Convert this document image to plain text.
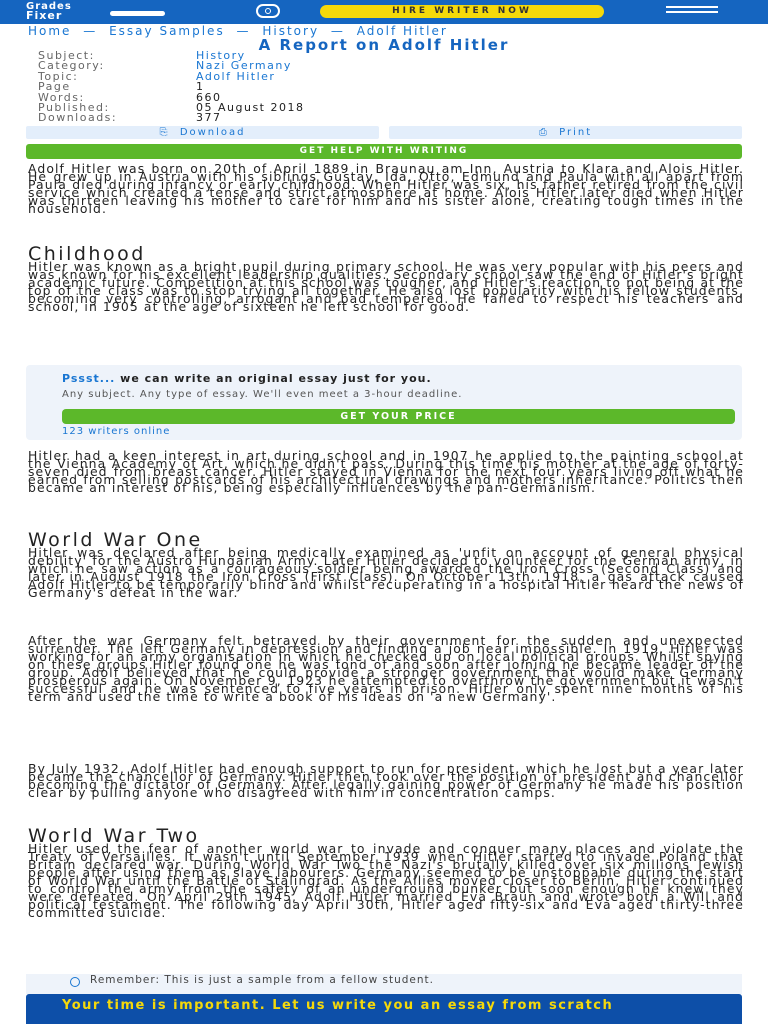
Grades
Fixer	HIRE WRITER NOW
Home — Essay Samples — History — Adolf Hitler
A Report on Adolf Hitler
Subject:	History
Category:	Nazi Germany
Topic:	Adolf Hitler
Page	1
Words:	660
Published:	05 August 2018
Downloads:	377
⎘  Download	⎙  Print
GET HELP WITH WRITING

Adolf Hitler was born on 20th of April 1889 in Braunau am Inn, Austria to Klara and Alois Hitler. He grew up in Austria with his siblings Gustav, Ida, Otto, Edmund and Paula with all apart from Paula died during infancy or early childhood. When Hitler was six, his father retired from the civil service which created a tense and strict atmosphere at home. Alois Hitler later died when Hitler was thirteen leaving his mother to care for him and his sister alone, creating tough times in the household.

Childhood

Hitler was known as a bright pupil during primary school. He was very popular with his peers and was known for his excellent leadership qualities. Secondary school saw the end of Hitler's bright academic future. Competition at this school was tougher, and Hitler's reaction to not being at the top of the class was to stop trying all together. He also lost popularity with his fellow students, becoming very controlling, arrogant and bad tempered. He failed to respect his teachers and school, in 1905 at the age of sixteen he left school for good.

Pssst... we can write an original essay just for you.
Any subject. Any type of essay. We'll even meet a 3-hour deadline.
GET YOUR PRICE
123 writers online

Hitler had a keen interest in art during school and in 1907 he applied to the painting school at the Vienna Academy of Art, which he didn't pass. During this time his mother at the age of forty-seven died from breast cancer. Hitler stayed in Vienna for the next four years living off what he earned from selling postcards of his architectural drawings and mothers inheritance. Politics then became an interest of his, being especially influences by the pan-Germanism.

World War One

Hitler was declared after being medically examined as 'unfit on account of general physical debility' for the Austro Hungarian Army. Later Hitler decided to volunteer for the German army, in which he saw action as a courageous soldier being awarded the Iron Cross (Second Class) and later in August 1918 the Iron Cross (First Class). On October 13th, 1918, a gas attack caused Adolf Hitler to be temporarily blind and whilst recuperating in a hospital Hitler heard the news of Germany's defeat in the war.

After the war Germany felt betrayed by their government for the sudden and unexpected surrender. The left Germany in depression and finding a job near impossible. In 1919, Hitler was working for an army organisation in which he checked up on local political groups. Whilst spying on these groups Hitler found one he was fond of and soon after joining he became leader of the group. Adolf believed that he could provide a stronger government that would make Germany prosperous again. On November 9, 1923 he attempted to overthrow the government but it wasn't successful and he was sentenced to five years in prison. Hitler only spent nine months of his term and used the time to write a book of his ideas on 'a new Germany'.

By July 1932, Adolf Hitler had enough support to run for president, which he lost but a year later became the chancellor of Germany. Hitler then took over the position of president and chancellor becoming the dictator of Germany. After legally gaining power of Germany he made his position clear by pulling anyone who disagreed with him in concentration camps.

World War Two

Hitler used the fear of another world war to invade and conquer many places and violate the Treaty of Versailles. It wasn't until September 1939 when Hitler started to invade Poland that Britain declared war. During World War Two the Nazi's brutally killed over six millions Jewish people after using them as slave labourers. Germany seemed to be unstoppable during the start of World War until the Battle of Stalingrad. As the Allies moved closer to Berlin, Hitler continued to control the army from the safety of an underground bunker but soon enough he knew they were defeated. On April 29th 1945, Adolf Hitler married Eva Braun and wrote both a Will and political testament. The following day April 30th, Hitler aged fifty-six and Eva aged thirty-three committed suicide.

Remember: This is just a sample from a fellow student.
Your time is important. Let us write you an essay from scratch
